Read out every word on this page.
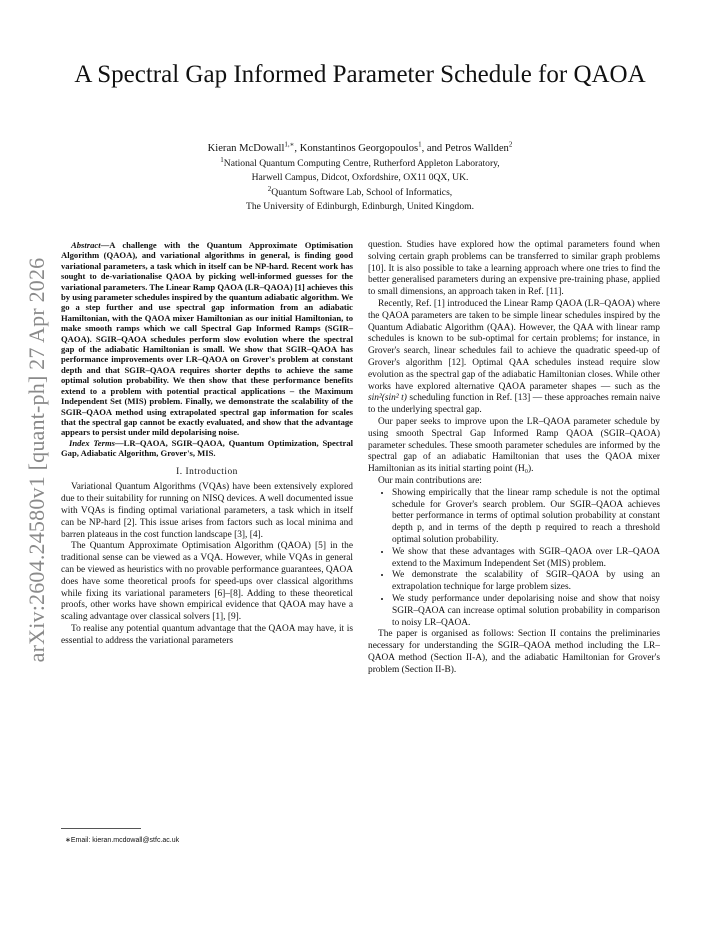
arXiv:2604.24580v1 [quant-ph] 27 Apr 2026
A Spectral Gap Informed Parameter Schedule for QAOA
Kieran McDowall$^{1,∗}$, Konstantinos Georgopoulos$^1$, and Petros Wallden$^2$
$^1$National Quantum Computing Centre, Rutherford Appleton Laboratory,
Harwell Campus, Didcot, Oxfordshire, OX11 0QX, UK.
$^2$Quantum Software Lab, School of Informatics,
The University of Edinburgh, Edinburgh, United Kingdom.

Abstract—A challenge with the Quantum Approximate Optimisation Algorithm (QAOA), and variational algorithms in general, is finding good variational parameters, a task which in itself can be NP-hard. Recent work has sought to de-variationalise QAOA by picking well-informed guesses for the variational parameters. The Linear Ramp QAOA (LR–QAOA) [1] achieves this by using parameter schedules inspired by the quantum adiabatic algorithm. We go a step further and use spectral gap information from an adiabatic Hamiltonian, with the QAOA mixer Hamiltonian as our initial Hamiltonian, to make smooth ramps which we call Spectral Gap Informed Ramps (SGIR–QAOA). SGIR–QAOA schedules perform slow evolution where the spectral gap of the adiabatic Hamiltonian is small. We show that SGIR–QAOA has performance improvements over LR–QAOA on Grover's problem at constant depth and that SGIR–QAOA requires shorter depths to achieve the same optimal solution probability. We then show that these performance benefits extend to a problem with potential practical applications – the Maximum Independent Set (MIS) problem. Finally, we demonstrate the scalability of the SGIR–QAOA method using extrapolated spectral gap information for scales that the spectral gap cannot be exactly evaluated, and show that the advantage appears to persist under mild depolarising noise.

Index Terms—LR–QAOA, SGIR–QAOA, Quantum Optimization, Spectral Gap, Adiabatic Algorithm, Grover's, MIS.

I. Introduction

Variational Quantum Algorithms (VQAs) have been extensively explored due to their suitability for running on NISQ devices. A well documented issue with VQAs is finding optimal variational parameters, a task which in itself can be NP-hard [2]. This issue arises from factors such as local minima and barren plateaus in the cost function landscape [3], [4].

The Quantum Approximate Optimisation Algorithm (QAOA) [5] in the traditional sense can be viewed as a VQA. However, while VQAs in general can be viewed as heuristics with no provable performance guarantees, QAOA does have some theoretical proofs for speed-ups over classical algorithms while fixing its variational parameters [6]–[8]. Adding to these theoretical proofs, other works have shown empirical evidence that QAOA may have a scaling advantage over classical solvers [1], [9].

To realise any potential quantum advantage that the QAOA may have, it is essential to address the variational parameters

∗Email: kieran.mcdowall@stfc.ac.uk

question. Studies have explored how the optimal parameters found when solving certain graph problems can be transferred to similar graph problems [10]. It is also possible to take a learning approach where one tries to find the better generalised parameters during an expensive pre-training phase, applied to small dimensions, an approach taken in Ref. [11].

Recently, Ref. [1] introduced the Linear Ramp QAOA (LR–QAOA) where the QAOA parameters are taken to be simple linear schedules inspired by the Quantum Adiabatic Algorithm (QAA). However, the QAA with linear ramp schedules is known to be sub-optimal for certain problems; for instance, in Grover's search, linear schedules fail to achieve the quadratic speed-up of Grover's algorithm [12]. Optimal QAA schedules instead require slow evolution as the spectral gap of the adiabatic Hamiltonian closes. While other works have explored alternative QAOA parameter shapes — such as the sin²(sin² t) scheduling function in Ref. [13] — these approaches remain naive to the underlying spectral gap.

Our paper seeks to improve upon the LR–QAOA parameter schedule by using smooth Spectral Gap Informed Ramp QAOA (SGIR–QAOA) parameter schedules. These smooth parameter schedules are informed by the spectral gap of an adiabatic Hamiltonian that uses the QAOA mixer Hamiltonian as its initial starting point (H₀).

Our main contributions are:

• Showing empirically that the linear ramp schedule is not the optimal schedule for Grover's search problem. Our SGIR–QAOA achieves better performance in terms of optimal solution probability at constant depth p, and in terms of the depth p required to reach a threshold optimal solution probability.
• We show that these advantages with SGIR–QAOA over LR–QAOA extend to the Maximum Independent Set (MIS) problem.
• We demonstrate the scalability of SGIR–QAOA by using an extrapolation technique for large problem sizes.
• We study performance under depolarising noise and show that noisy SGIR–QAOA can increase optimal solution probability in comparison to noisy LR–QAOA.

The paper is organised as follows: Section II contains the preliminaries necessary for understanding the SGIR–QAOA method including the LR–QAOA method (Section II-A), and the adiabatic Hamiltonian for Grover's problem (Section II-B).
